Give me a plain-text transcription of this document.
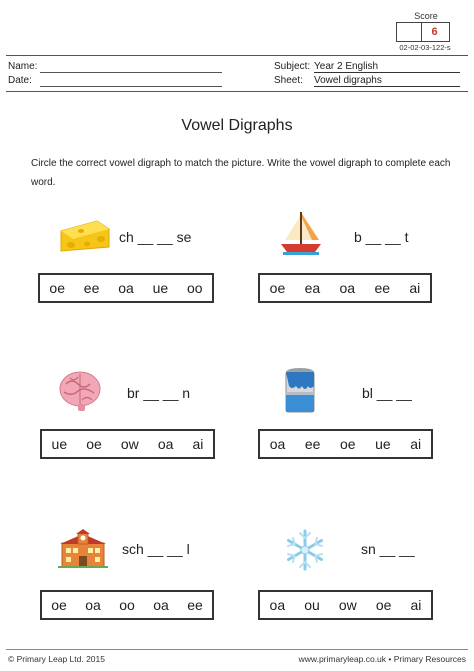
Score
6
02-02-03-122-s
Name:
Date:
Subject: Year 2 English
Sheet: Vowel digraphs
Vowel Digraphs
Circle the correct vowel digraph to match the picture. Write the vowel digraph to complete each word.
ch __ __ se
oe ee oa ue oo
b __ __ t
oe ea oa ee ai
br __ __ n
ue oe ow oa ai
bl __ __
oa ee oe ue ai
sch __ __ l
oe oa oo oa ee
sn __ __
oa ou ow oe ai
© Primary Leap Ltd. 2015	www.primaryleap.co.uk • Primary Resources
